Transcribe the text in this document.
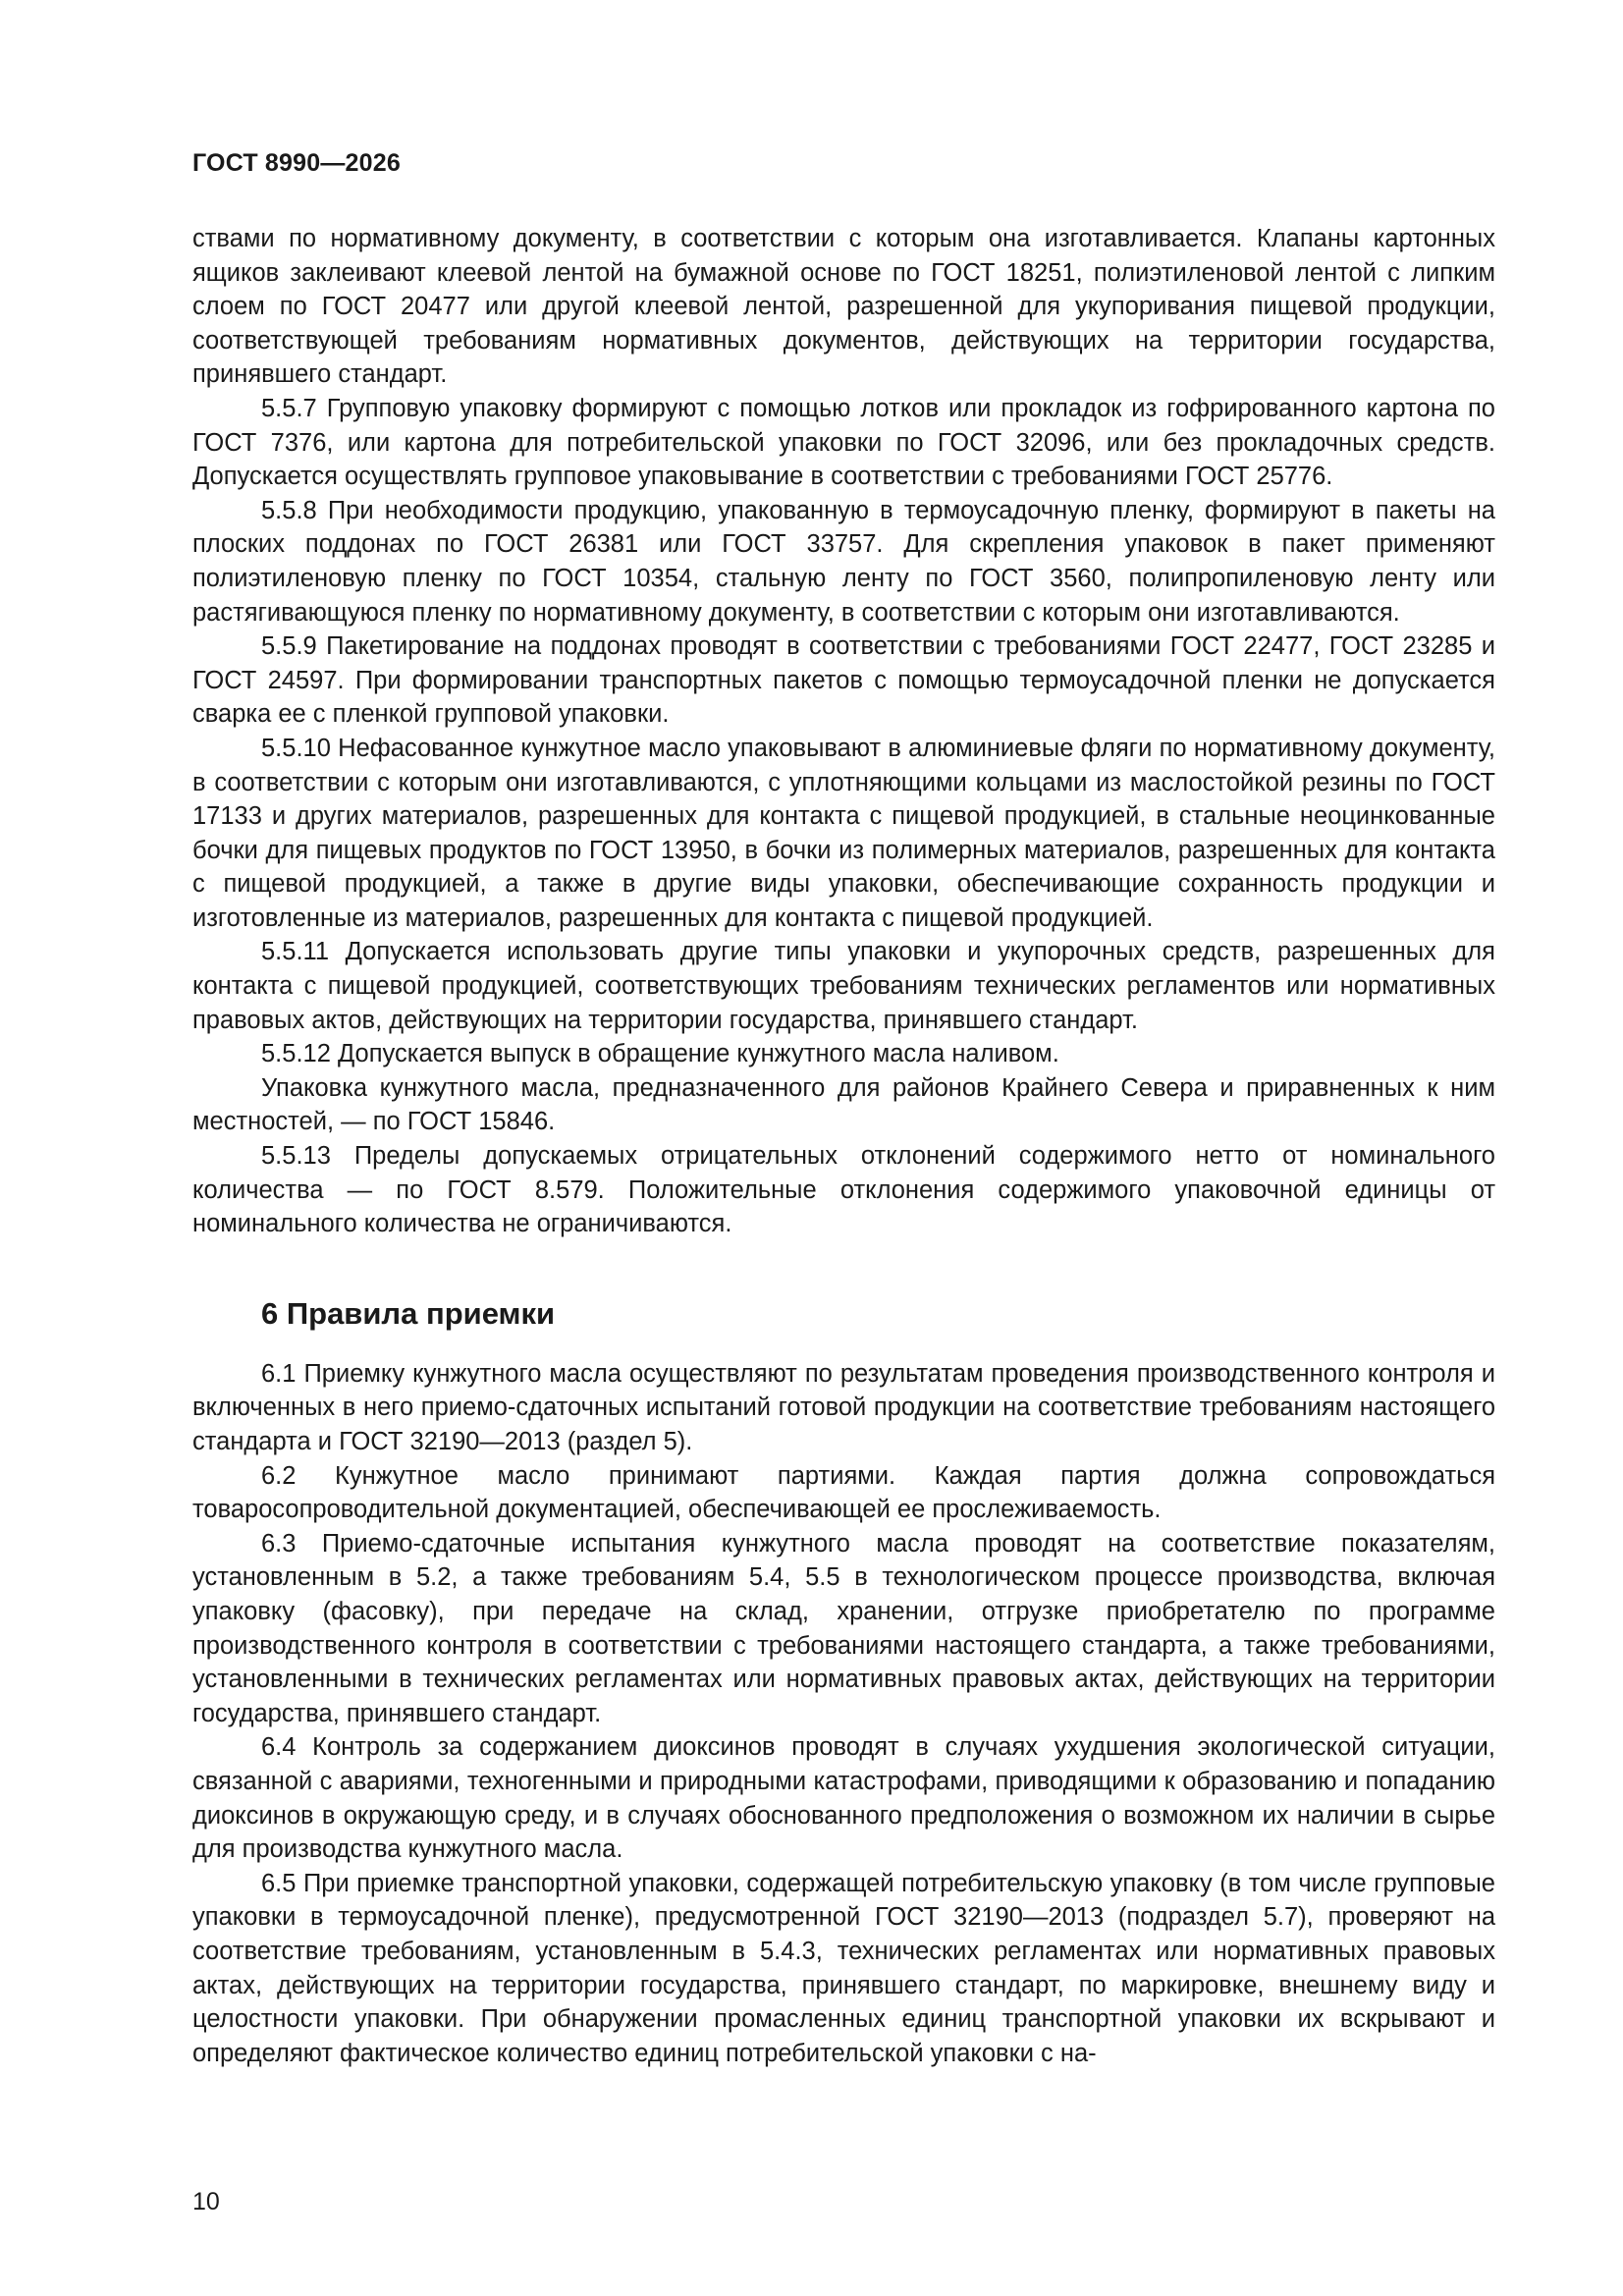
ГОСТ 8990—2026

ствами по нормативному документу, в соответствии с которым она изготавливается. Клапаны картонных ящиков заклеивают клеевой лентой на бумажной основе по ГОСТ 18251, полиэтиленовой лентой с липким слоем по ГОСТ 20477 или другой клеевой лентой, разрешенной для укупоривания пищевой продукции, соответствующей требованиям нормативных документов, действующих на территории государства, принявшего стандарт.

5.5.7 Групповую упаковку формируют с помощью лотков или прокладок из гофрированного картона по ГОСТ 7376, или картона для потребительской упаковки по ГОСТ 32096, или без прокладочных средств. Допускается осуществлять групповое упаковывание в соответствии с требованиями ГОСТ 25776.

5.5.8 При необходимости продукцию, упакованную в термоусадочную пленку, формируют в пакеты на плоских поддонах по ГОСТ 26381 или ГОСТ 33757. Для скрепления упаковок в пакет применяют полиэтиленовую пленку по ГОСТ 10354, стальную ленту по ГОСТ 3560, полипропиленовую ленту или растягивающуюся пленку по нормативному документу, в соответствии с которым они изготавливаются.

5.5.9 Пакетирование на поддонах проводят в соответствии с требованиями ГОСТ 22477, ГОСТ 23285 и ГОСТ 24597. При формировании транспортных пакетов с помощью термоусадочной пленки не допускается сварка ее с пленкой групповой упаковки.

5.5.10 Нефасованное кунжутное масло упаковывают в алюминиевые фляги по нормативному документу, в соответствии с которым они изготавливаются, с уплотняющими кольцами из маслостойкой резины по ГОСТ 17133 и других материалов, разрешенных для контакта с пищевой продукцией, в стальные неоцинкованные бочки для пищевых продуктов по ГОСТ 13950, в бочки из полимерных материалов, разрешенных для контакта с пищевой продукцией, а также в другие виды упаковки, обеспечивающие сохранность продукции и изготовленные из материалов, разрешенных для контакта с пищевой продукцией.

5.5.11 Допускается использовать другие типы упаковки и укупорочных средств, разрешенных для контакта с пищевой продукцией, соответствующих требованиям технических регламентов или нормативных правовых актов, действующих на территории государства, принявшего стандарт.

5.5.12 Допускается выпуск в обращение кунжутного масла наливом.

Упаковка кунжутного масла, предназначенного для районов Крайнего Севера и приравненных к ним местностей, — по ГОСТ 15846.

5.5.13 Пределы допускаемых отрицательных отклонений содержимого нетто от номинального количества — по ГОСТ 8.579. Положительные отклонения содержимого упаковочной единицы от номинального количества не ограничиваются.

6 Правила приемки

6.1 Приемку кунжутного масла осуществляют по результатам проведения производственного контроля и включенных в него приемо-сдаточных испытаний готовой продукции на соответствие требованиям настоящего стандарта и ГОСТ 32190—2013 (раздел 5).

6.2 Кунжутное масло принимают партиями. Каждая партия должна сопровождаться товаросопроводительной документацией, обеспечивающей ее прослеживаемость.

6.3 Приемо-сдаточные испытания кунжутного масла проводят на соответствие показателям, установленным в 5.2, а также требованиям 5.4, 5.5 в технологическом процессе производства, включая упаковку (фасовку), при передаче на склад, хранении, отгрузке приобретателю по программе производственного контроля в соответствии с требованиями настоящего стандарта, а также требованиями, установленными в технических регламентах или нормативных правовых актах, действующих на территории государства, принявшего стандарт.

6.4 Контроль за содержанием диоксинов проводят в случаях ухудшения экологической ситуации, связанной с авариями, техногенными и природными катастрофами, приводящими к образованию и попаданию диоксинов в окружающую среду, и в случаях обоснованного предположения о возможном их наличии в сырье для производства кунжутного масла.

6.5 При приемке транспортной упаковки, содержащей потребительскую упаковку (в том числе групповые упаковки в термоусадочной пленке), предусмотренной ГОСТ 32190—2013 (подраздел 5.7), проверяют на соответствие требованиям, установленным в 5.4.3, технических регламентах или нормативных правовых актах, действующих на территории государства, принявшего стандарт, по маркировке, внешнему виду и целостности упаковки. При обнаружении промасленных единиц транспортной упаковки их вскрывают и определяют фактическое количество единиц потребительской упаковки с на-

10
